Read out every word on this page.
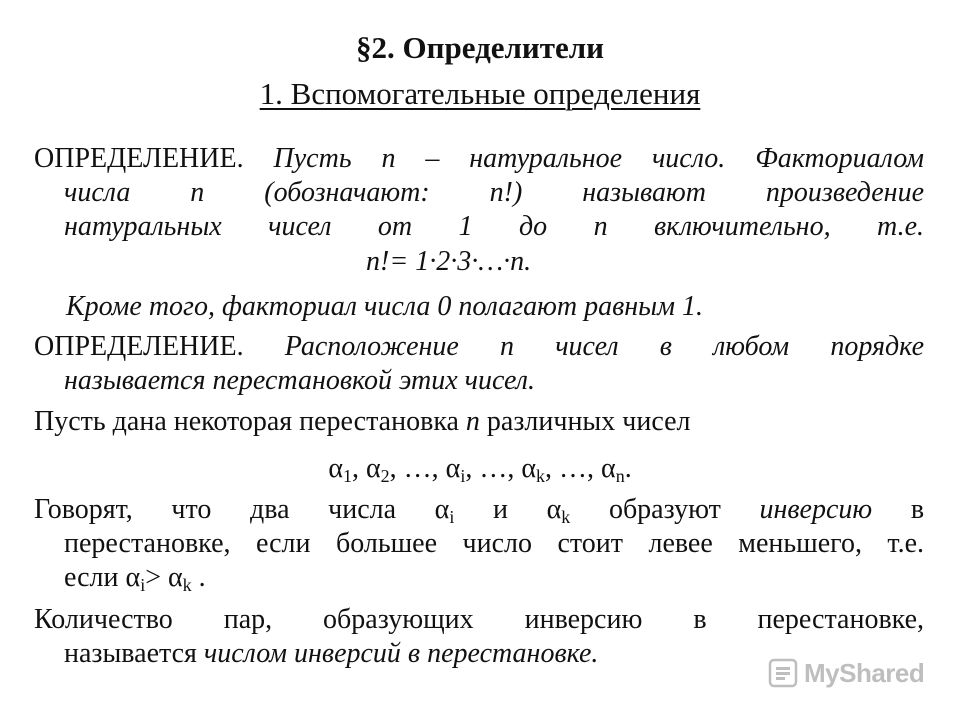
§2. Определители
1. Вспомогательные определения
ОПРЕДЕЛЕНИЕ. Пусть n – натуральное число. Факториалом
числа n (обозначают: n!) называют произведение
натуральных чисел от 1 до n включительно, т.е.
n!= 1·2·3·…·n.
Кроме того, факториал числа 0 полагают равным 1.
ОПРЕДЕЛЕНИЕ. Расположение n чисел в любом порядке
называется перестановкой этих чисел.
Пусть дана некоторая перестановка n различных чисел
$\alpha_1$, $\alpha_2$, …, $\alpha_i$, …, $\alpha_k$, …, $\alpha_n$.
Говорят, что два числа $\alpha_i$ и $\alpha_k$ образуют инверсию в
перестановке, если большее число стоит левее меньшего, т.е.
если $\alpha_i> \alpha_k$ .
Количество пар, образующих инверсию в перестановке,
называется числом инверсий в перестановке.
MyShared
